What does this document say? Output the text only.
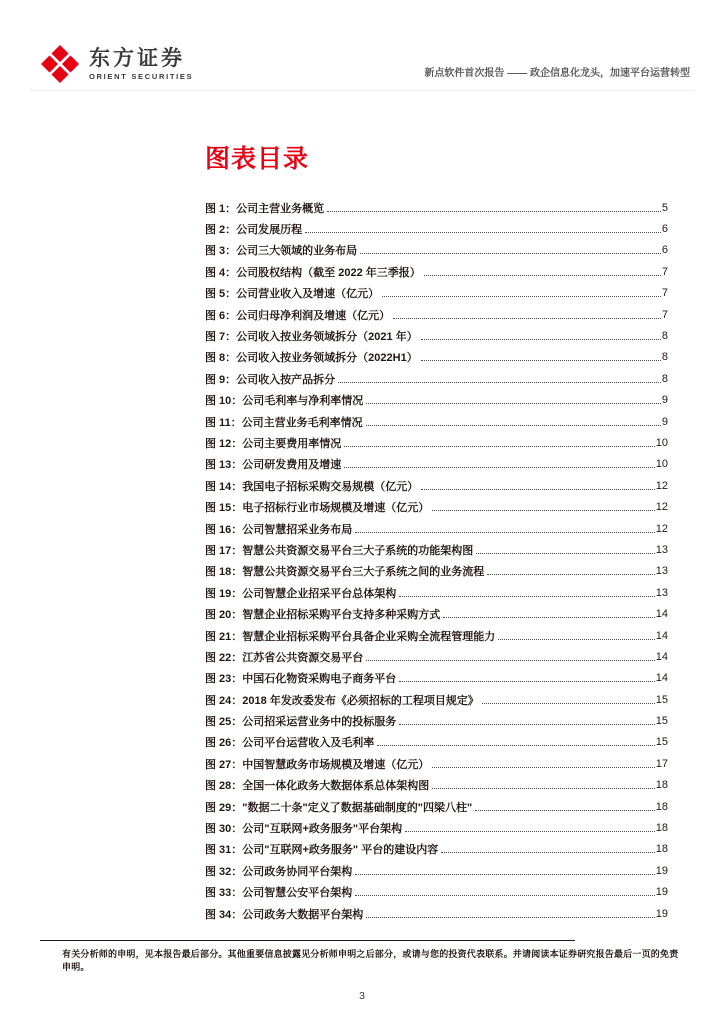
东方证券
ORIENT SECURITIES	新点软件首次报告 —— 政企信息化龙头，加速平台运营转型
图表目录
图 1： 公司主营业务概览	5
图 2： 公司发展历程	6
图 3： 公司三大领域的业务布局	6
图 4： 公司股权结构（截至 2022 年三季报）	7
图 5： 公司营业收入及增速（亿元）	7
图 6： 公司归母净利润及增速（亿元）	7
图 7： 公司收入按业务领域拆分（2021 年）	8
图 8： 公司收入按业务领域拆分（2022H1）	8
图 9： 公司收入按产品拆分	8
图 10： 公司毛利率与净利率情况	9
图 11： 公司主营业务毛利率情况	9
图 12： 公司主要费用率情况	10
图 13： 公司研发费用及增速	10
图 14： 我国电子招标采购交易规模（亿元）	12
图 15： 电子招标行业市场规模及增速（亿元）	12
图 16： 公司智慧招采业务布局	12
图 17： 智慧公共资源交易平台三大子系统的功能架构图	13
图 18： 智慧公共资源交易平台三大子系统之间的业务流程	13
图 19： 公司智慧企业招采平台总体架构	13
图 20： 智慧企业招标采购平台支持多种采购方式	14
图 21： 智慧企业招标采购平台具备企业采购全流程管理能力	14
图 22： 江苏省公共资源交易平台	14
图 23： 中国石化物资采购电子商务平台	14
图 24： 2018 年发改委发布《必须招标的工程项目规定》	15
图 25： 公司招采运营业务中的投标服务	15
图 26： 公司平台运营收入及毛利率	15
图 27： 中国智慧政务市场规模及增速（亿元）	17
图 28： 全国一体化政务大数据体系总体架构图	18
图 29： "数据二十条"定义了数据基础制度的"四梁八柱"	18
图 30： 公司"互联网+政务服务"平台架构	18
图 31： 公司"互联网+政务服务" 平台的建设内容	18
图 32： 公司政务协同平台架构	19
图 33： 公司智慧公安平台架构	19
图 34： 公司政务大数据平台架构	19
有关分析师的申明，见本报告最后部分。其他重要信息披露见分析师申明之后部分，或请与您的投资代表联系。并请阅读本证券研究报告最后一页的免责申明。
3
